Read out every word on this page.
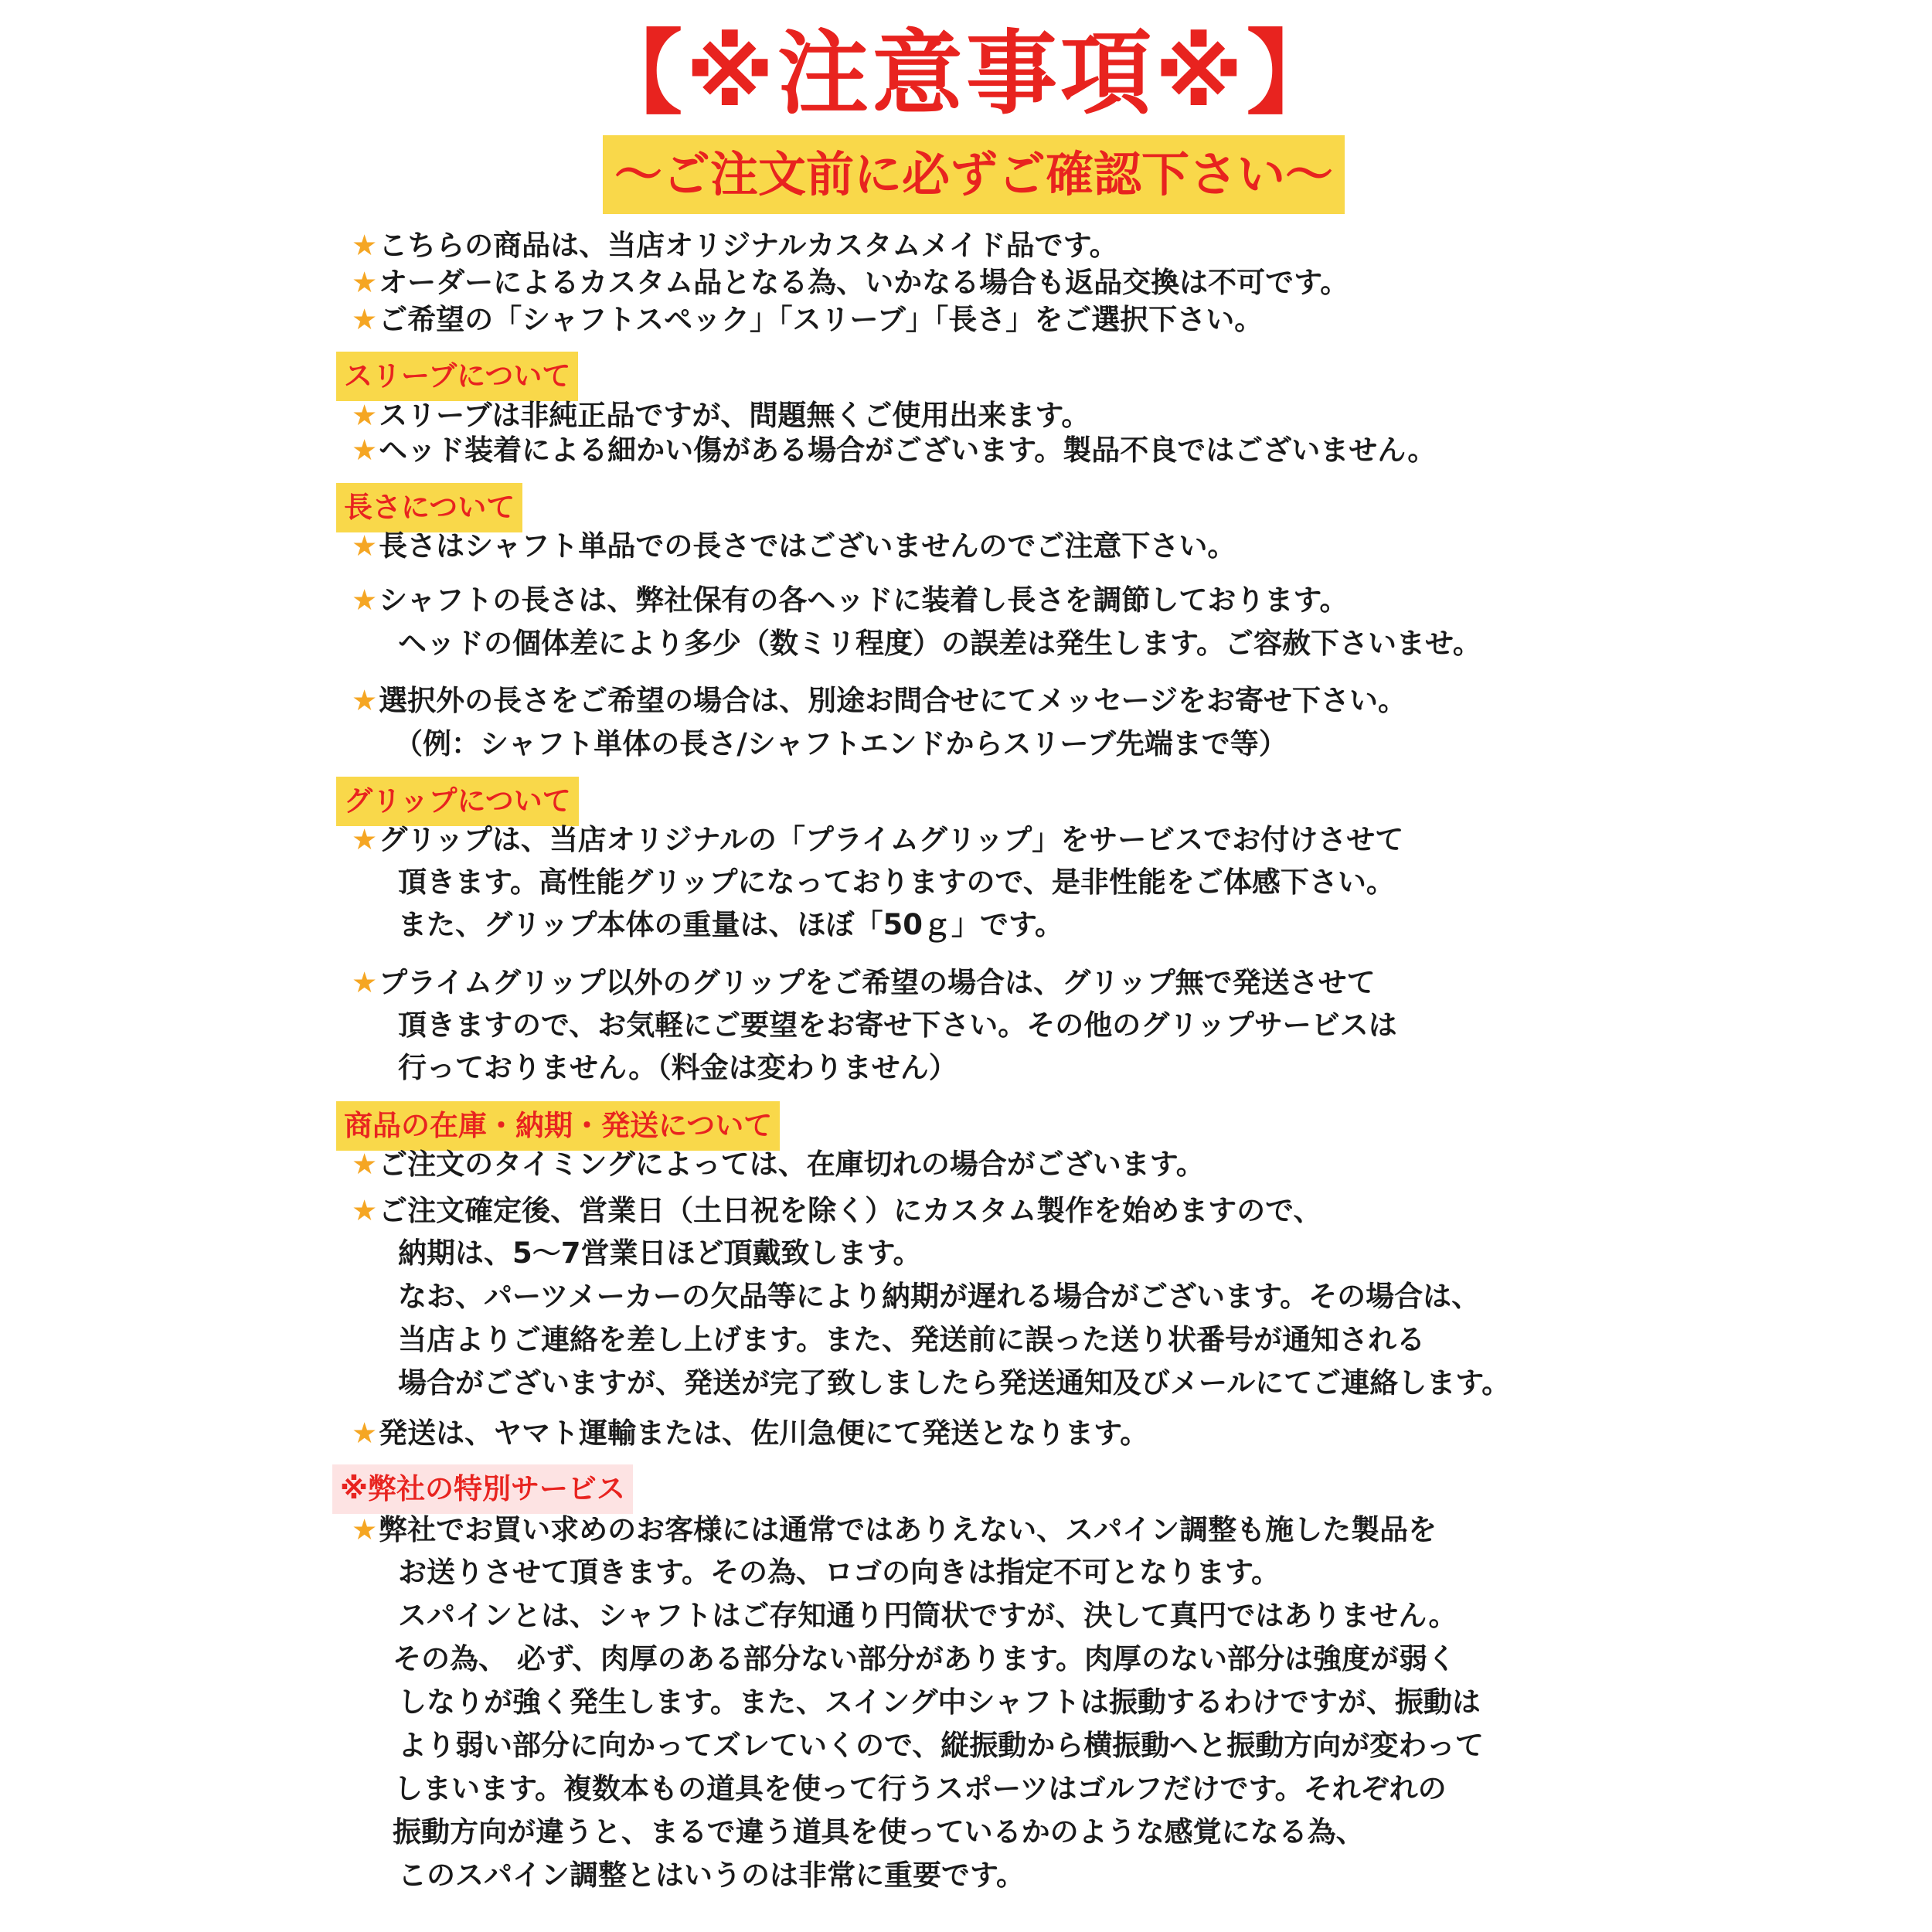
【※注意事項※】
〜ご注文前に必ずご確認下さい〜
★こちらの商品は、当店オリジナルカスタムメイド品です。
★オーダーによるカスタム品となる為、いかなる場合も返品交換は不可です。
★ご希望の「シャフトスペック」「スリーブ」「長さ」をご選択下さい。
スリーブについて
★スリーブは非純正品ですが、問題無くご使用出来ます。
★ヘッド装着による細かい傷がある場合がございます。製品不良ではございません。
長さについて
★長さはシャフト単品での長さではございませんのでご注意下さい。
★シャフトの長さは、弊社保有の各ヘッドに装着し長さを調節しております。
ヘッドの個体差により多少（数ミリ程度）の誤差は発生します。ご容赦下さいませ。
★選択外の長さをご希望の場合は、別途お問合せにてメッセージをお寄せ下さい。
（例：シャフト単体の長さ/シャフトエンドからスリーブ先端まで等）
グリップについて
★グリップは、当店オリジナルの「プライムグリップ」をサービスでお付けさせて
頂きます。高性能グリップになっておりますので、是非性能をご体感下さい。
また、グリップ本体の重量は、ほぼ「50ｇ」です。
★プライムグリップ以外のグリップをご希望の場合は、グリップ無で発送させて
頂きますので、お気軽にご要望をお寄せ下さい。その他のグリップサービスは
行っておりません。（料金は変わりません）
商品の在庫・納期・発送について
★ご注文のタイミングによっては、在庫切れの場合がございます。
★ご注文確定後、営業日（土日祝を除く）にカスタム製作を始めますので、
納期は、5〜7営業日ほど頂戴致します。
なお、パーツメーカーの欠品等により納期が遅れる場合がございます。その場合は、
当店よりご連絡を差し上げます。また、発送前に誤った送り状番号が通知される
場合がございますが、発送が完了致しましたら発送通知及びメールにてご連絡します。
★発送は、ヤマト運輸または、佐川急便にて発送となります。
※弊社の特別サービス
★弊社でお買い求めのお客様には通常ではありえない、スパイン調整も施した製品を
お送りさせて頂きます。その為、ロゴの向きは指定不可となります。
スパインとは、シャフトはご存知通り円筒状ですが、決して真円ではありません。
その為、 必ず、肉厚のある部分ない部分があります。肉厚のない部分は強度が弱く
しなりが強く発生します。また、スイング中シャフトは振動するわけですが、振動は
より弱い部分に向かってズレていくので、縦振動から横振動へと振動方向が変わって
しまいます。複数本もの道具を使って行うスポーツはゴルフだけです。それぞれの
振動方向が違うと、まるで違う道具を使っているかのような感覚になる為、
このスパイン調整とはいうのは非常に重要です。
